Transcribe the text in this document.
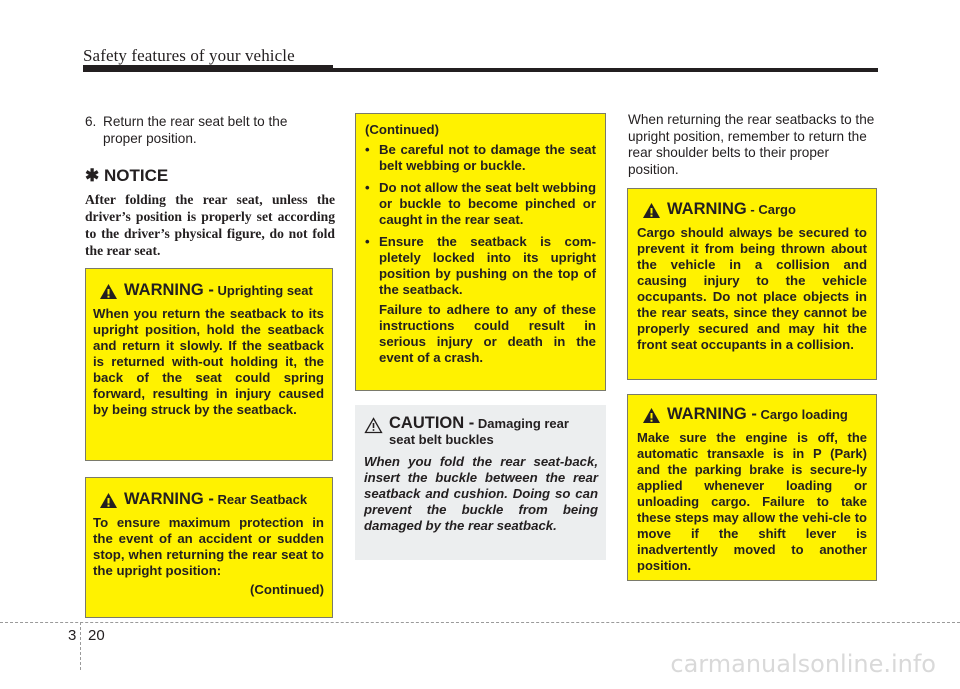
Safety features of your vehicle
6. Return the rear seat belt to the
proper position.
✱ NOTICE
After folding the rear seat, unless the driver’s position is properly set according to the driver’s physical figure, do not fold the rear seat.
WARNING - Uprighting seat
When you return the seatback to its upright position, hold the seatback and return it slowly. If the seatback is returned with-out holding it, the back of the seat could spring forward, resulting in injury caused by being struck by the seatback.
WARNING - Rear Seatback
To ensure maximum protection in the event of an accident or sudden stop, when returning the rear seat to the upright position:
(Continued)
(Continued)
• Be careful not to damage the seat belt webbing or buckle.
• Do not allow the seat belt webbing or buckle to become pinched or caught in the rear seat.
• Ensure the seatback is com-pletely locked into its upright position by pushing on the top of the seatback.
Failure to adhere to any of these instructions could result in serious injury or death in the event of a crash.
CAUTION - Damaging rear seat belt buckles
When you fold the rear seat-back, insert the buckle between the rear seatback and cushion. Doing so can prevent the buckle from being damaged by the rear seatback.
When returning the rear seatbacks to the upright position, remember to return the rear shoulder belts to their proper position.
WARNING - Cargo
Cargo should always be secured to prevent it from being thrown about the vehicle in a collision and causing injury to the vehicle occupants. Do not place objects in the rear seats, since they cannot be properly secured and may hit the front seat occupants in a collision.
WARNING - Cargo loading
Make sure the engine is off, the automatic transaxle is in P (Park) and the parking brake is secure-ly applied whenever loading or unloading cargo. Failure to take these steps may allow the vehi-cle to move if the shift lever is inadvertently moved to another position.
3 20
carmanualsonline.info
